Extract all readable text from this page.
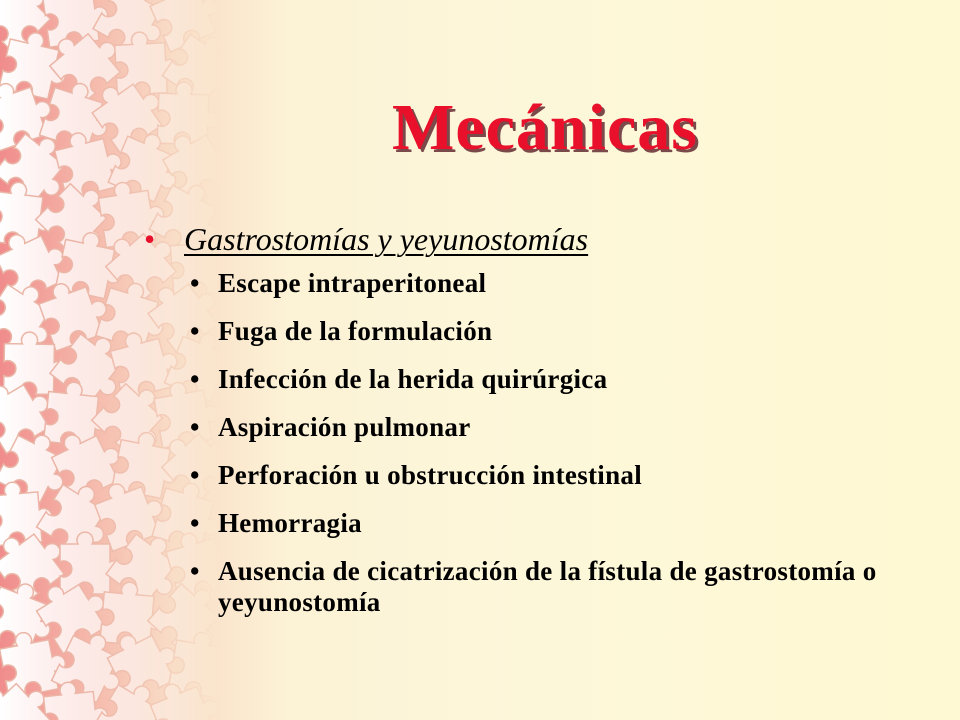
Mecánicas
• Gastrostomías y yeyunostomías
• Escape intraperitoneal
• Fuga de la formulación
• Infección de la herida quirúrgica
• Aspiración pulmonar
• Perforación u obstrucción intestinal
• Hemorragia
• Ausencia de cicatrización de la fístula de gastrostomía o yeyunostomía
